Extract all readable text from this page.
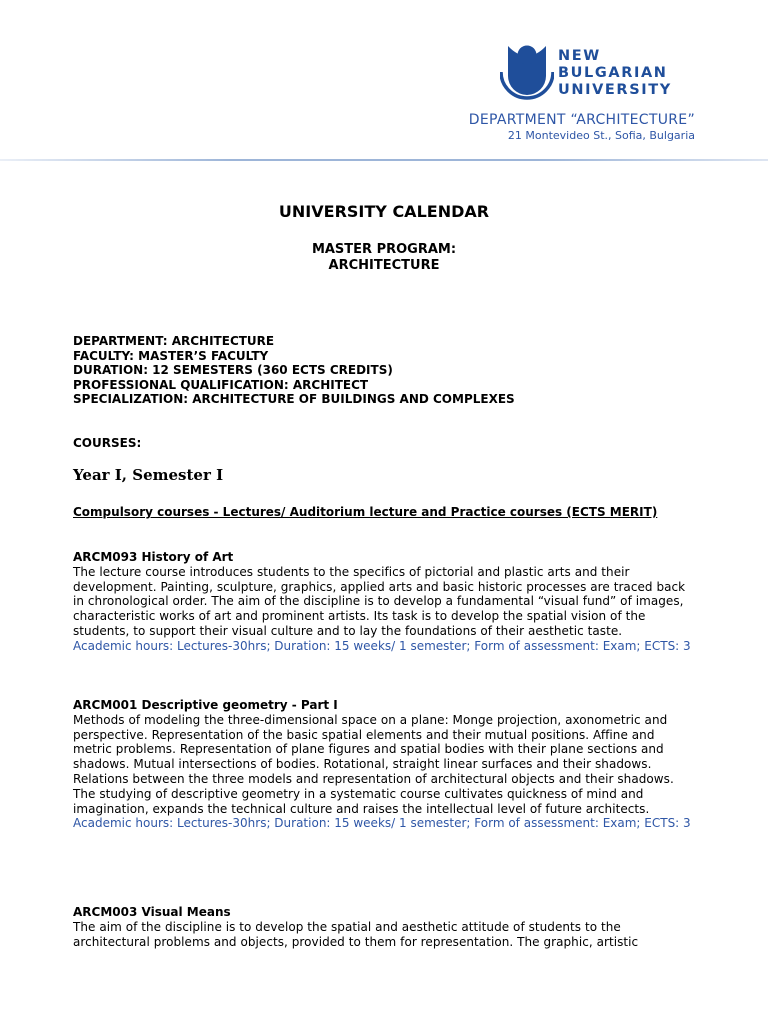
NEW
BULGARIAN
UNIVERSITY
DEPARTMENT “ARCHITECTURE”
21 Montevideo St., Sofia, Bulgaria
UNIVERSITY CALENDAR
MASTER PROGRAM:
ARCHITECTURE
DEPARTMENT: ARCHITECTURE
FACULTY: MASTER’S FACULTY
DURATION: 12 SEMESTERS (360 ECTS CREDITS)
PROFESSIONAL QUALIFICATION: ARCHITECT
SPECIALIZATION: ARCHITECTURE OF BUILDINGS AND COMPLEXES
COURSES:
Year I, Semester I
Compulsory courses - Lectures/ Auditorium lecture and Practice courses (ECTS MERIT)
ARCM093 History of Art
The lecture course introduces students to the specifics of pictorial and plastic arts and their development. Painting, sculpture, graphics, applied arts and basic historic processes are traced back in chronological order. The aim of the discipline is to develop a fundamental “visual fund” of images, characteristic works of art and prominent artists. Its task is to develop the spatial vision of the students, to support their visual culture and to lay the foundations of their aesthetic taste.
Academic hours: Lectures-30hrs; Duration: 15 weeks/ 1 semester; Form of assessment: Exam; ECTS: 3
ARCM001 Descriptive geometry - Part I
Methods of modeling the three-dimensional space on a plane: Monge projection, axonometric and perspective. Representation of the basic spatial elements and their mutual positions. Affine and metric problems. Representation of plane figures and spatial bodies with their plane sections and shadows. Mutual intersections of bodies. Rotational, straight linear surfaces and their shadows. Relations between the three models and representation of architectural objects and their shadows. The studying of descriptive geometry in a systematic course cultivates quickness of mind and imagination, expands the technical culture and raises the intellectual level of future architects.
Academic hours: Lectures-30hrs; Duration: 15 weeks/ 1 semester; Form of assessment: Exam; ECTS: 3
ARCM003 Visual Means
The aim of the discipline is to develop the spatial and aesthetic attitude of students to the architectural problems and objects, provided to them for representation. The graphic, artistic
